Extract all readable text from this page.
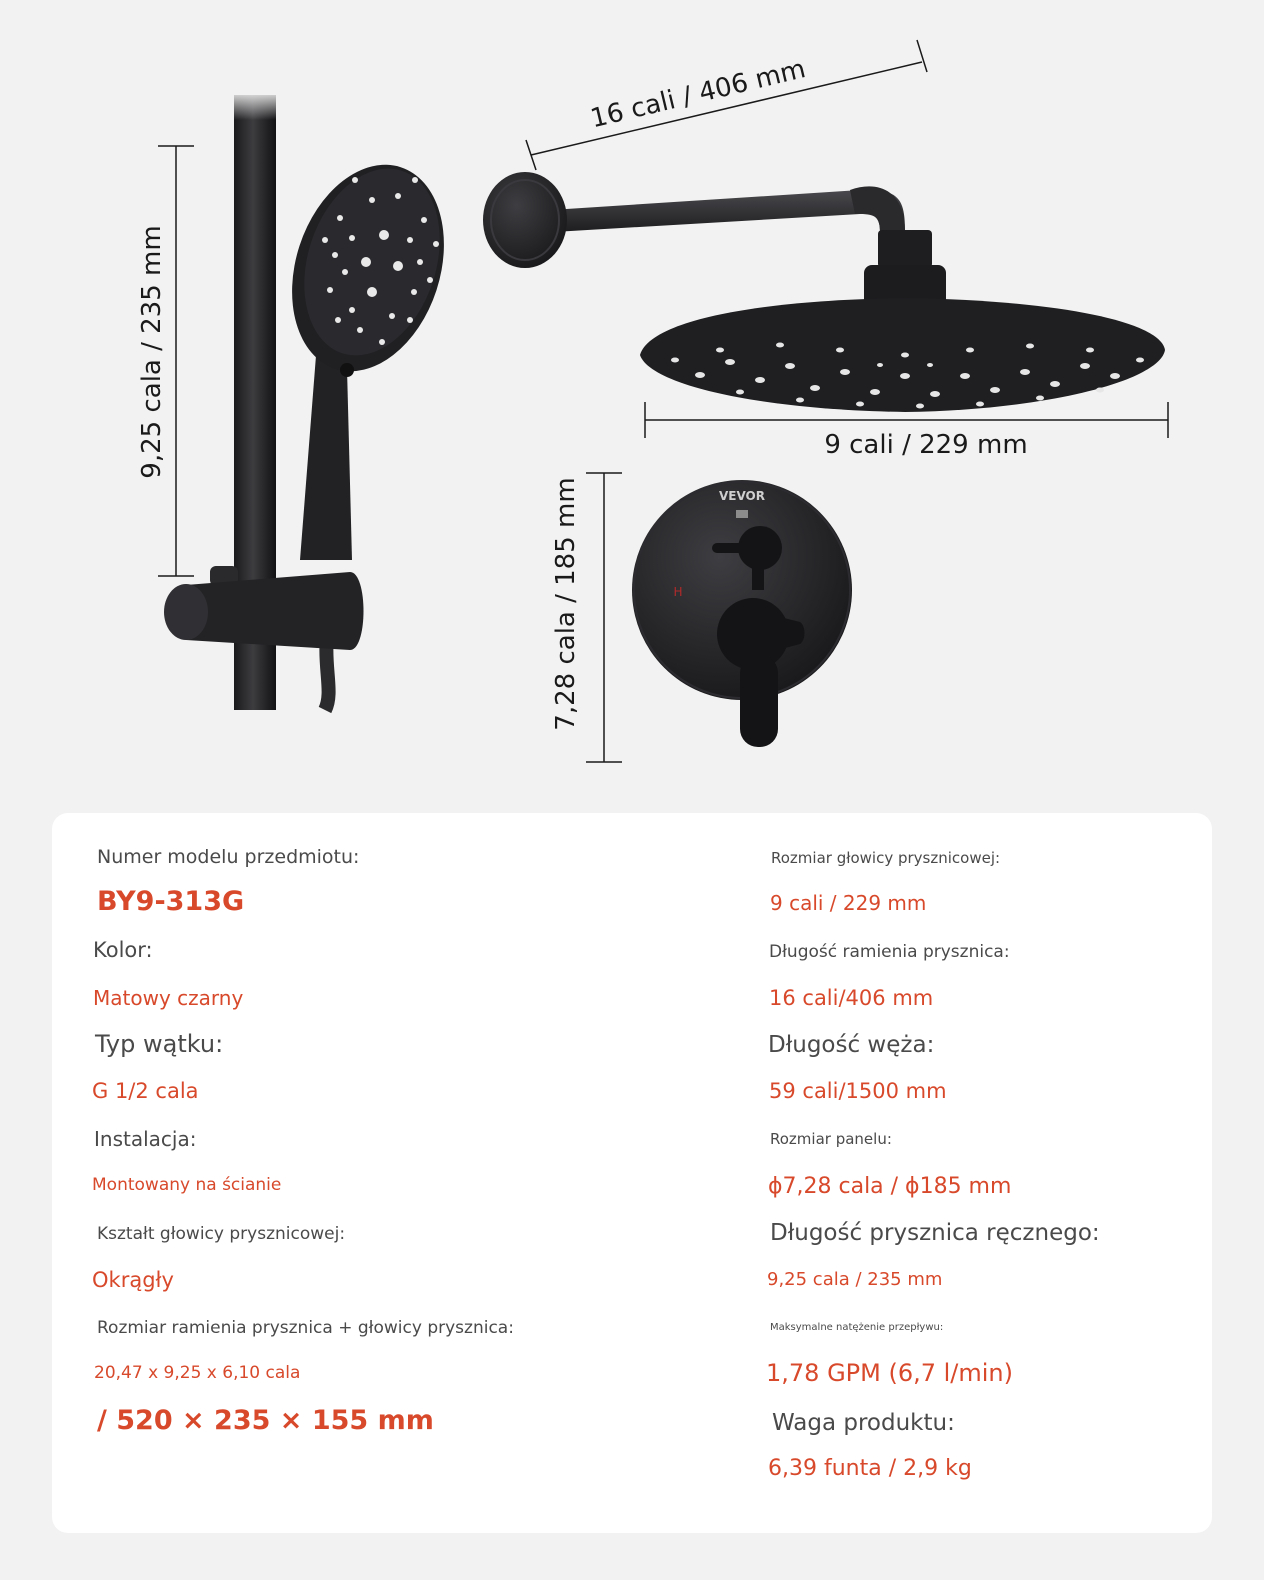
VEVOR
H
16 cali / 406 mm
9 cali / 229 mm
9,25 cala / 235 mm
7,28 cala / 185 mm
Numer modelu przedmiotu:
BY9-313G
Kolor:
Matowy czarny
Typ wątku:
G 1/2 cala
Instalacja:
Montowany na ścianie
Kształt głowicy prysznicowej:
Okrągły
Rozmiar ramienia prysznica + głowicy prysznica:
20,47 x 9,25 x 6,10 cala
/ 520 × 235 × 155 mm
Rozmiar głowicy prysznicowej:
9 cali / 229 mm
Długość ramienia prysznica:
16 cali/406 mm
Długość węża:
59 cali/1500 mm
Rozmiar panelu:
ϕ7,28 cala / ϕ185 mm
Długość prysznica ręcznego:
9,25 cala / 235 mm
Maksymalne natężenie przepływu:
1,78 GPM (6,7 l/min)
Waga produktu:
6,39 funta / 2,9 kg
